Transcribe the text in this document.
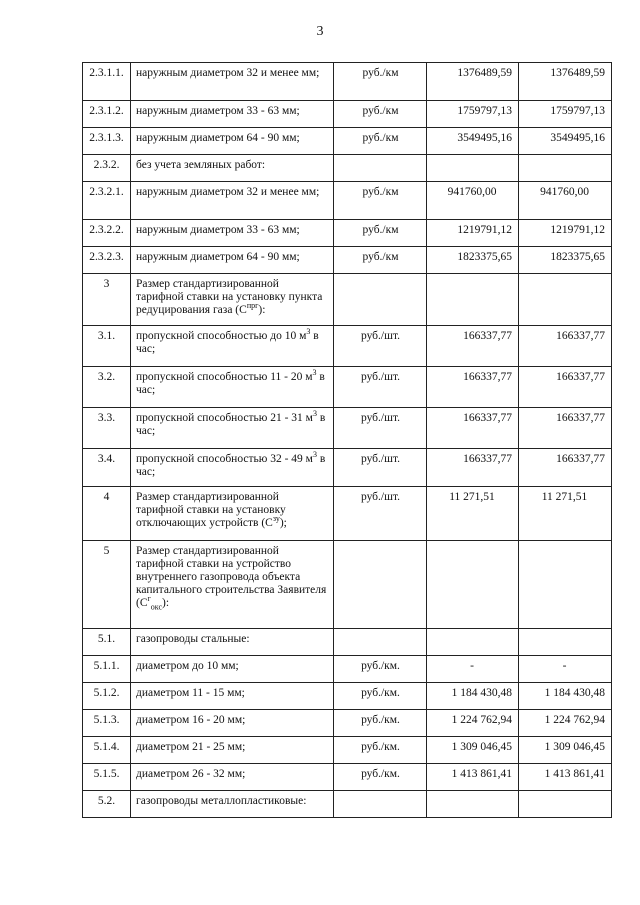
3
2.3.1.1.	наружным диаметром 32 и менее мм;	руб./км	1376489,59	1376489,59
2.3.1.2.	наружным диаметром 33 - 63 мм;	руб./км	1759797,13	1759797,13
2.3.1.3.	наружным диаметром 64 - 90 мм;	руб./км	3549495,16	3549495,16
2.3.2.	без учета земляных работ:			
2.3.2.1.	наружным диаметром 32 и менее мм;	руб./км	941760,00	941760,00
2.3.2.2.	наружным диаметром 33 - 63 мм;	руб./км	1219791,12	1219791,12
2.3.2.3.	наружным диаметром 64 - 90 мм;	руб./км	1823375,65	1823375,65
3	Размер стандартизированной тарифной ставки на установку пункта редуцирования газа $(C^{прг})$:			
3.1.	пропускной способностью до 10 $м^3$ в час;	руб./шт.	166337,77	166337,77
3.2.	пропускной способностью 11 - 20 $м^3$ в час;	руб./шт.	166337,77	166337,77
3.3.	пропускной способностью 21 - 31 $м^3$ в час;	руб./шт.	166337,77	166337,77
3.4.	пропускной способностью 32 - 49 $м^3$ в час;	руб./шт.	166337,77	166337,77
4	Размер стандартизированной тарифной ставки на установку отключающих устройств $(C^{зу})$;	руб./шт.	11 271,51	11 271,51
5	Размер стандартизированной тарифной ставки на устройство внутреннего газопровода объекта капитального строительства Заявителя $(C^г_{окс})$:			
5.1.	газопроводы стальные:			
5.1.1.	диаметром до 10 мм;	руб./км.	-	-
5.1.2.	диаметром 11 - 15 мм;	руб./км.	1 184 430,48	1 184 430,48
5.1.3.	диаметром 16 - 20 мм;	руб./км.	1 224 762,94	1 224 762,94
5.1.4.	диаметром 21 - 25 мм;	руб./км.	1 309 046,45	1 309 046,45
5.1.5.	диаметром 26 - 32 мм;	руб./км.	1 413 861,41	1 413 861,41
5.2.	газопроводы металлопластиковые:			
